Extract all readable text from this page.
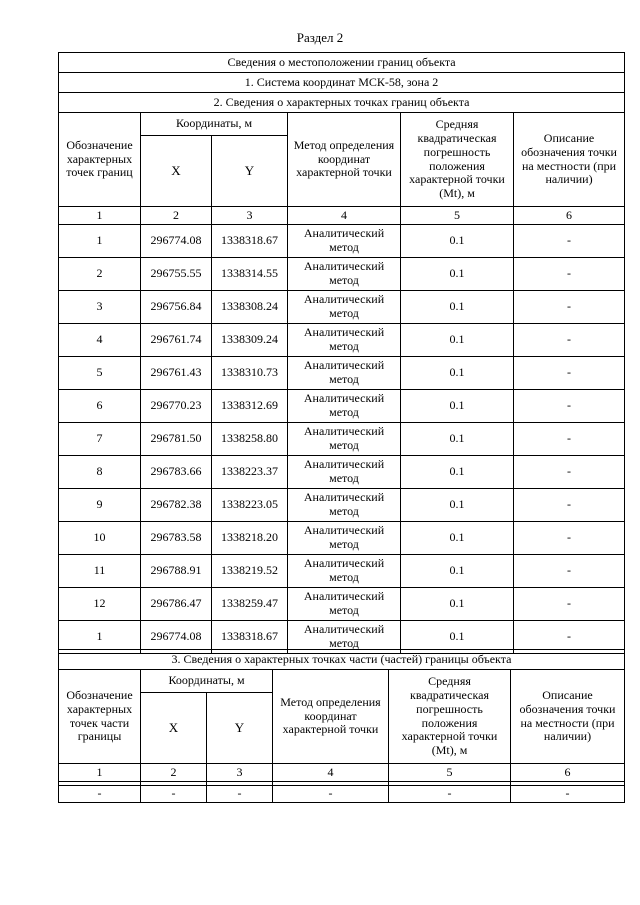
Раздел 2
Сведения о местоположении границ объекта					
1. Система координат МСК-58, зона 2					
2. Сведения о характерных точках границ объекта					
Обозначение характерных точек границ	Координаты, м		Метод определения координат характерной точки	Средняя квадратическая погрешность положения характерной точки (Mt), м	Описание обозначения точки на местности (при наличии)
	X	Y			
1	2	3	4	5	6
1	296774.08	1338318.67	Аналитический метод	0.1	-
2	296755.55	1338314.55	Аналитический метод	0.1	-
3	296756.84	1338308.24	Аналитический метод	0.1	-
4	296761.74	1338309.24	Аналитический метод	0.1	-
5	296761.43	1338310.73	Аналитический метод	0.1	-
6	296770.23	1338312.69	Аналитический метод	0.1	-
7	296781.50	1338258.80	Аналитический метод	0.1	-
8	296783.66	1338223.37	Аналитический метод	0.1	-
9	296782.38	1338223.05	Аналитический метод	0.1	-
10	296783.58	1338218.20	Аналитический метод	0.1	-
11	296788.91	1338219.52	Аналитический метод	0.1	-
12	296786.47	1338259.47	Аналитический метод	0.1	-
1	296774.08	1338318.67	Аналитический метод	0.1	-
3. Сведения о характерных точках части (частей) границы объекта					
Обозначение характерных точек части границы	Координаты, м		Метод определения координат характерной точки	Средняя квадратическая погрешность положения характерной точки (Mt), м	Описание обозначения точки на местности (при наличии)
	X	Y			
1	2	3	4	5	6

-	-	-	-	-	-
